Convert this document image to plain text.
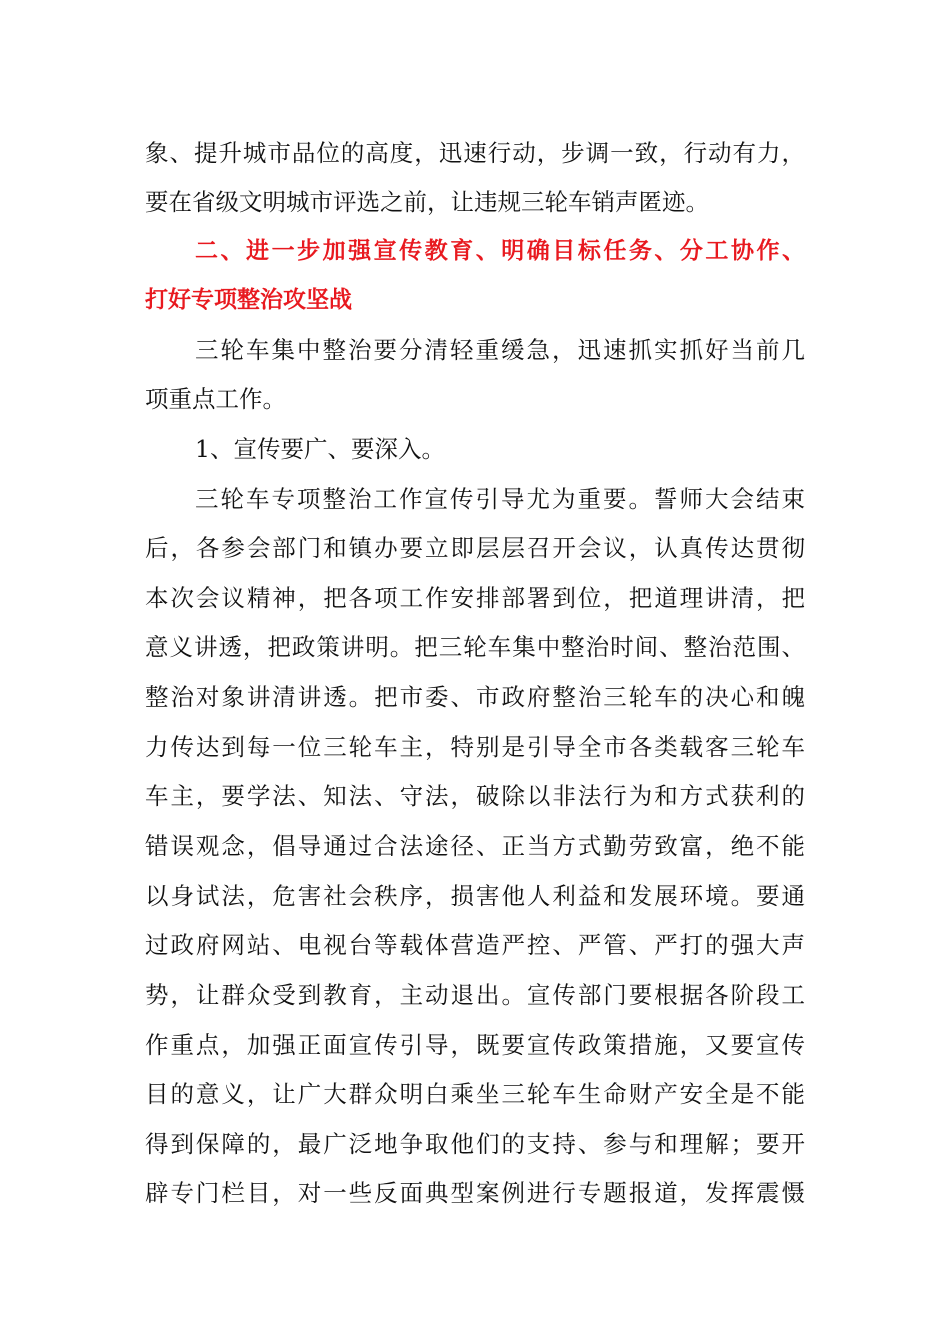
象、提升城市品位的高度，迅速行动，步调一致，行动有力，
要在省级文明城市评选之前，让违规三轮车销声匿迹。
二、进一步加强宣传教育、明确目标任务、分工协作、
打好专项整治攻坚战
三轮车集中整治要分清轻重缓急，迅速抓实抓好当前几
项重点工作。
1、宣传要广、要深入。
三轮车专项整治工作宣传引导尤为重要。誓师大会结束
后，各参会部门和镇办要立即层层召开会议，认真传达贯彻
本次会议精神，把各项工作安排部署到位，把道理讲清，把
意义讲透，把政策讲明。把三轮车集中整治时间、整治范围、
整治对象讲清讲透。把市委、市政府整治三轮车的决心和魄
力传达到每一位三轮车主，特别是引导全市各类载客三轮车
车主，要学法、知法、守法，破除以非法行为和方式获利的
错误观念，倡导通过合法途径、正当方式勤劳致富，绝不能
以身试法，危害社会秩序，损害他人利益和发展环境。要通
过政府网站、电视台等载体营造严控、严管、严打的强大声
势，让群众受到教育，主动退出。宣传部门要根据各阶段工
作重点，加强正面宣传引导，既要宣传政策措施，又要宣传
目的意义，让广大群众明白乘坐三轮车生命财产安全是不能
得到保障的，最广泛地争取他们的支持、参与和理解；要开
辟专门栏目，对一些反面典型案例进行专题报道，发挥震慑
